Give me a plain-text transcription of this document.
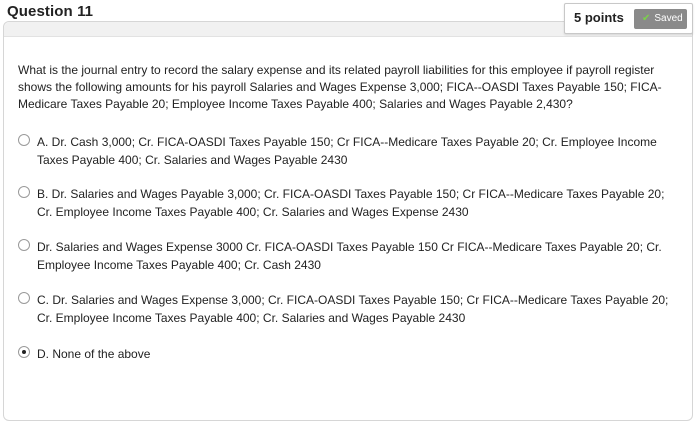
Question 11	5 points	✔ Saved
What is the journal entry to record the salary expense and its related payroll liabilities for this employee if payroll register shows the following amounts for his payroll Salaries and Wages Expense 3,000; FICA--OASDI Taxes Payable 150; FICA- Medicare Taxes Payable 20; Employee Income Taxes Payable 400; Salaries and Wages Payable 2,430?
A. Dr. Cash 3,000; Cr. FICA-OASDI Taxes Payable 150; Cr FICA--Medicare Taxes Payable 20; Cr. Employee Income Taxes Payable 400; Cr. Salaries and Wages Payable 2430
B. Dr. Salaries and Wages Payable 3,000; Cr. FICA-OASDI Taxes Payable 150; Cr FICA--Medicare Taxes Payable 20; Cr. Employee Income Taxes Payable 400; Cr. Salaries and Wages Expense 2430
Dr. Salaries and Wages Expense 3000 Cr. FICA-OASDI Taxes Payable 150 Cr FICA--Medicare Taxes Payable 20; Cr. Employee Income Taxes Payable 400; Cr. Cash 2430
C. Dr. Salaries and Wages Expense 3,000; Cr. FICA-OASDI Taxes Payable 150; Cr FICA--Medicare Taxes Payable 20; Cr. Employee Income Taxes Payable 400; Cr. Salaries and Wages Payable 2430
D. None of the above
